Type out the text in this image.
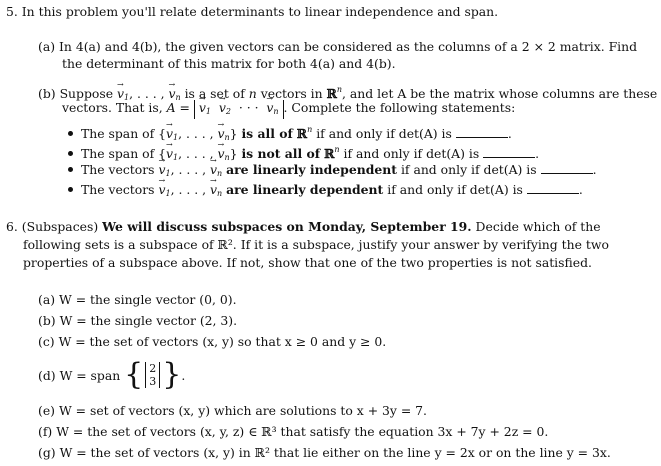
5. In this problem you'll relate determinants to linear independence and span.
(a) In 4(a) and 4(b), the given vectors can be considered as the columns of a 2 × 2 matrix. Find
the determinant of this matrix for both 4(a) and 4(b).
(b) Suppose → $v_1$, . . . , → $v_n$ is a set of n vectors in ℝ$^n$, and let A be the matrix whose columns are these
vectors. That is, A = → $v_1 \to v_2$  · · ·  → $v_n$ . Complete the following statements:
The span of {→ $v_1$, . . . , → $v_n$} is all of ℝ$^n$ if and only if det(A) is	.
The span of {→ $v_1$, . . . , → $v_n$} is not all of ℝ$^n$ if and only if det(A) is	.
The vectors → $v_1$, . . . , → $v_n$ are linearly independent if and only if det(A) is	.
The vectors → $v_1$, . . . , → $v_n$ are linearly dependent if and only if det(A) is	.
6. (Subspaces) We will discuss subspaces on Monday, September 19. Decide which of the
following sets is a subspace of ℝ². If it is a subspace, justify your answer by verifying the two
properties of a subspace above. If not, show that one of the two properties is not satisfied.
(a) W = the single vector (0, 0).
(b) W = the single vector (2, 3).
(c) W = the set of vectors (x, y) so that x ≥ 0 and y ≥ 0.
(d)
W = span
{ 2
3 } .
(e) W = set of vectors (x, y) which are solutions to x + 3y = 7.
(f) W = the set of vectors (x, y, z) ∈ ℝ³ that satisfy the equation 3x + 7y + 2z = 0.
(g) W = the set of vectors (x, y) in ℝ² that lie either on the line y = 2x or on the line y = 3x.
